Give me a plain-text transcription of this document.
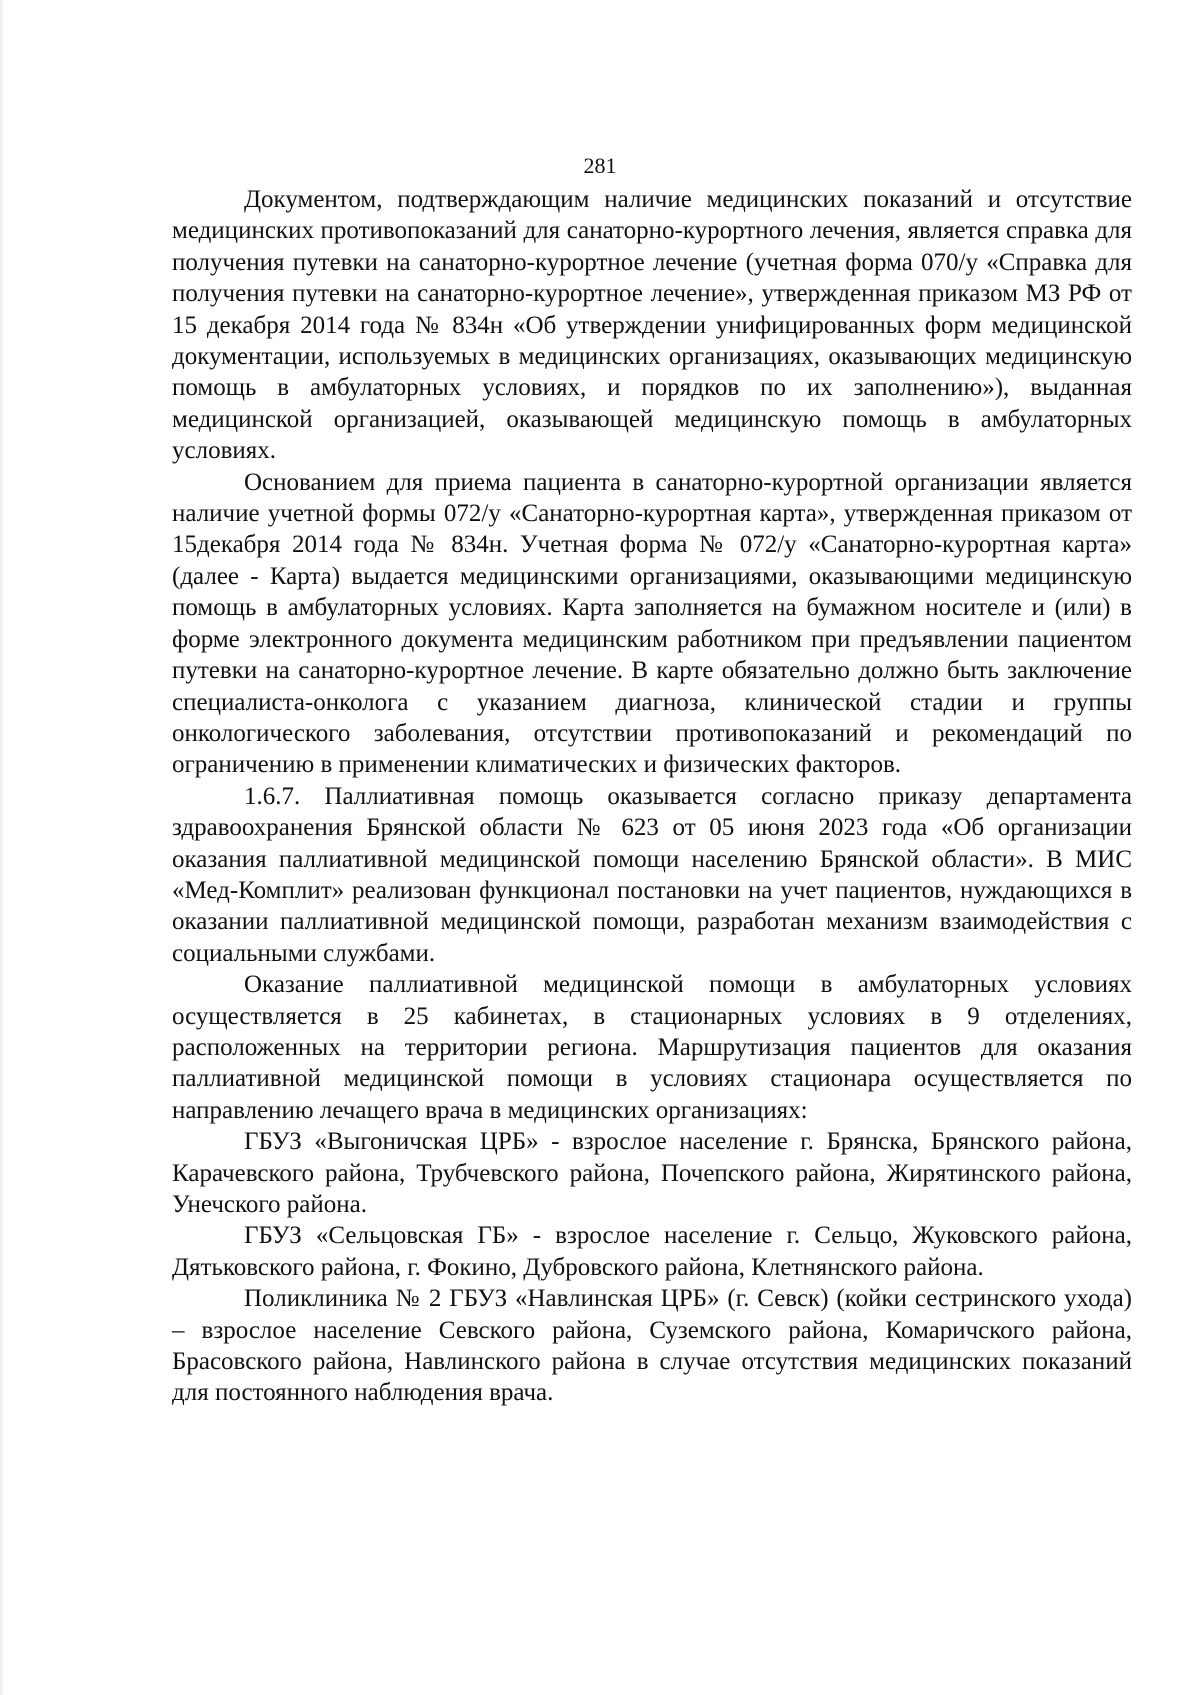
281

Документом, подтверждающим наличие медицинских показаний и отсутствие медицинских противопоказаний для санаторно-курортного лечения, является справка для получения путевки на санаторно-курортное лечение (учетная форма 070/у «Справка для получения путевки на санаторно-курортное лечение», утвержденная приказом МЗ РФ от 15 декабря 2014 года № 834н «Об утверждении унифицированных форм медицинской документации, используемых в медицинских организациях, оказывающих медицинскую помощь в амбулаторных условиях, и порядков по их заполнению»), выданная медицинской организацией, оказывающей медицинскую помощь в амбулаторных условиях.

Основанием для приема пациента в санаторно-курортной организации является наличие учетной формы 072/у «Санаторно-курортная карта», утвержденная приказом от 15декабря 2014 года № 834н. Учетная форма № 072/у «Санаторно-курортная карта» (далее - Карта) выдается медицинскими организациями, оказывающими медицинскую помощь в амбулаторных условиях. Карта заполняется на бумажном носителе и (или) в форме электронного документа медицинским работником при предъявлении пациентом путевки на санаторно-курортное лечение. В карте обязательно должно быть заключение специалиста-онколога с указанием диагноза, клинической стадии и группы онкологического заболевания, отсутствии противопоказаний и рекомендаций по ограничению в применении климатических и физических факторов.

1.6.7. Паллиативная помощь оказывается согласно приказу департамента здравоохранения Брянской области № 623 от 05 июня 2023 года «Об организации оказания паллиативной медицинской помощи населению Брянской области». В МИС «Мед-Комплит» реализован функционал постановки на учет пациентов, нуждающихся в оказании паллиативной медицинской помощи, разработан механизм взаимодействия с социальными службами.

Оказание паллиативной медицинской помощи в амбулаторных условиях осуществляется в 25 кабинетах, в стационарных условиях в 9 отделениях, расположенных на территории региона. Маршрутизация пациентов для оказания паллиативной медицинской помощи в условиях стационара осуществляется по направлению лечащего врача в медицинских организациях:

ГБУЗ «Выгоничская ЦРБ» - взрослое население г. Брянска, Брянского района, Карачевского района, Трубчевского района, Почепского района, Жирятинского района, Унечского района.

ГБУЗ «Сельцовская ГБ» - взрослое население г. Сельцо, Жуковского района, Дятьковского района, г. Фокино, Дубровского района, Клетнянского района.

Поликлиника № 2 ГБУЗ «Навлинская ЦРБ» (г. Севск) (койки сестринского ухода) – взрослое население Севского района, Суземского района, Комаричского района, Брасовского района, Навлинского района в случае отсутствия медицинских показаний для постоянного наблюдения врача.
